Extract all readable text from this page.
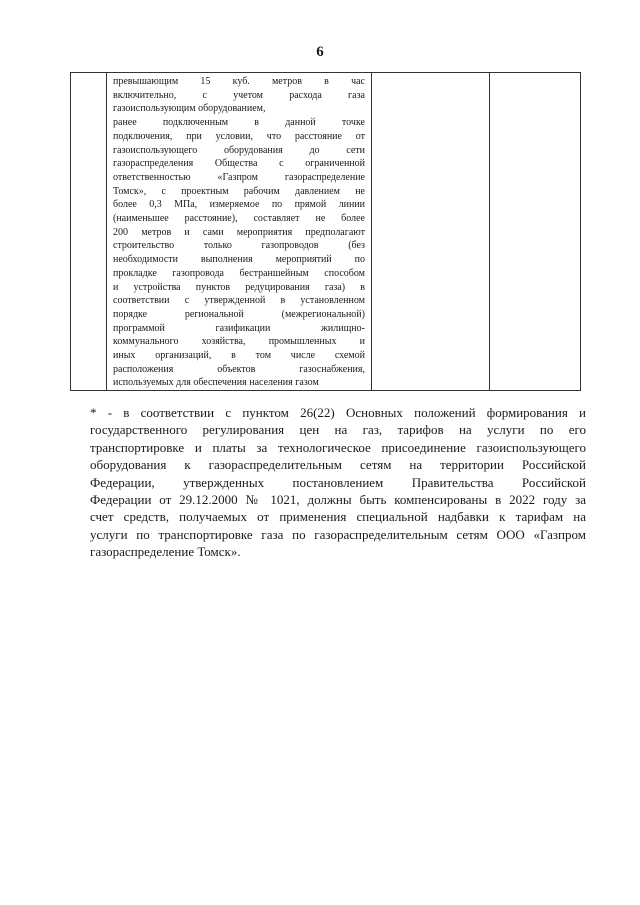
6

превышающим 15 куб. метров в час
включительно, с учетом расхода газа
газоиспользующим оборудованием,
ранее подключенным в данной точке
подключения, при условии, что расстояние от
газоиспользующего оборудования до сети
газораспределения Общества с ограниченной
ответственностью «Газпром газораспределение
Томск», с проектным рабочим давлением не
более 0,3 МПа, измеряемое по прямой линии
(наименьшее расстояние), составляет не более
200 метров и сами мероприятия предполагают
строительство только газопроводов (без
необходимости выполнения мероприятий по
прокладке газопровода бестраншейным способом
и устройства пунктов редуцирования газа) в
соответствии с утвержденной в установленном
порядке региональной (межрегиональной)
программой газификации жилищно-
коммунального хозяйства, промышленных и
иных организаций, в том числе схемой
расположения объектов газоснабжения,
используемых для обеспечения населения газом

* - в соответствии с пунктом 26(22) Основных положений формирования и
государственного регулирования цен на газ, тарифов на услуги по его
транспортировке и платы за технологическое присоединение газоиспользующего
оборудования к газораспределительным сетям на территории Российской
Федерации, утвержденных постановлением Правительства Российской
Федерации от 29.12.2000 № 1021, должны быть компенсированы в 2022 году за
счет средств, получаемых от применения специальной надбавки к тарифам на
услуги по транспортировке газа по газораспределительным сетям ООО «Газпром
газораспределение Томск».
